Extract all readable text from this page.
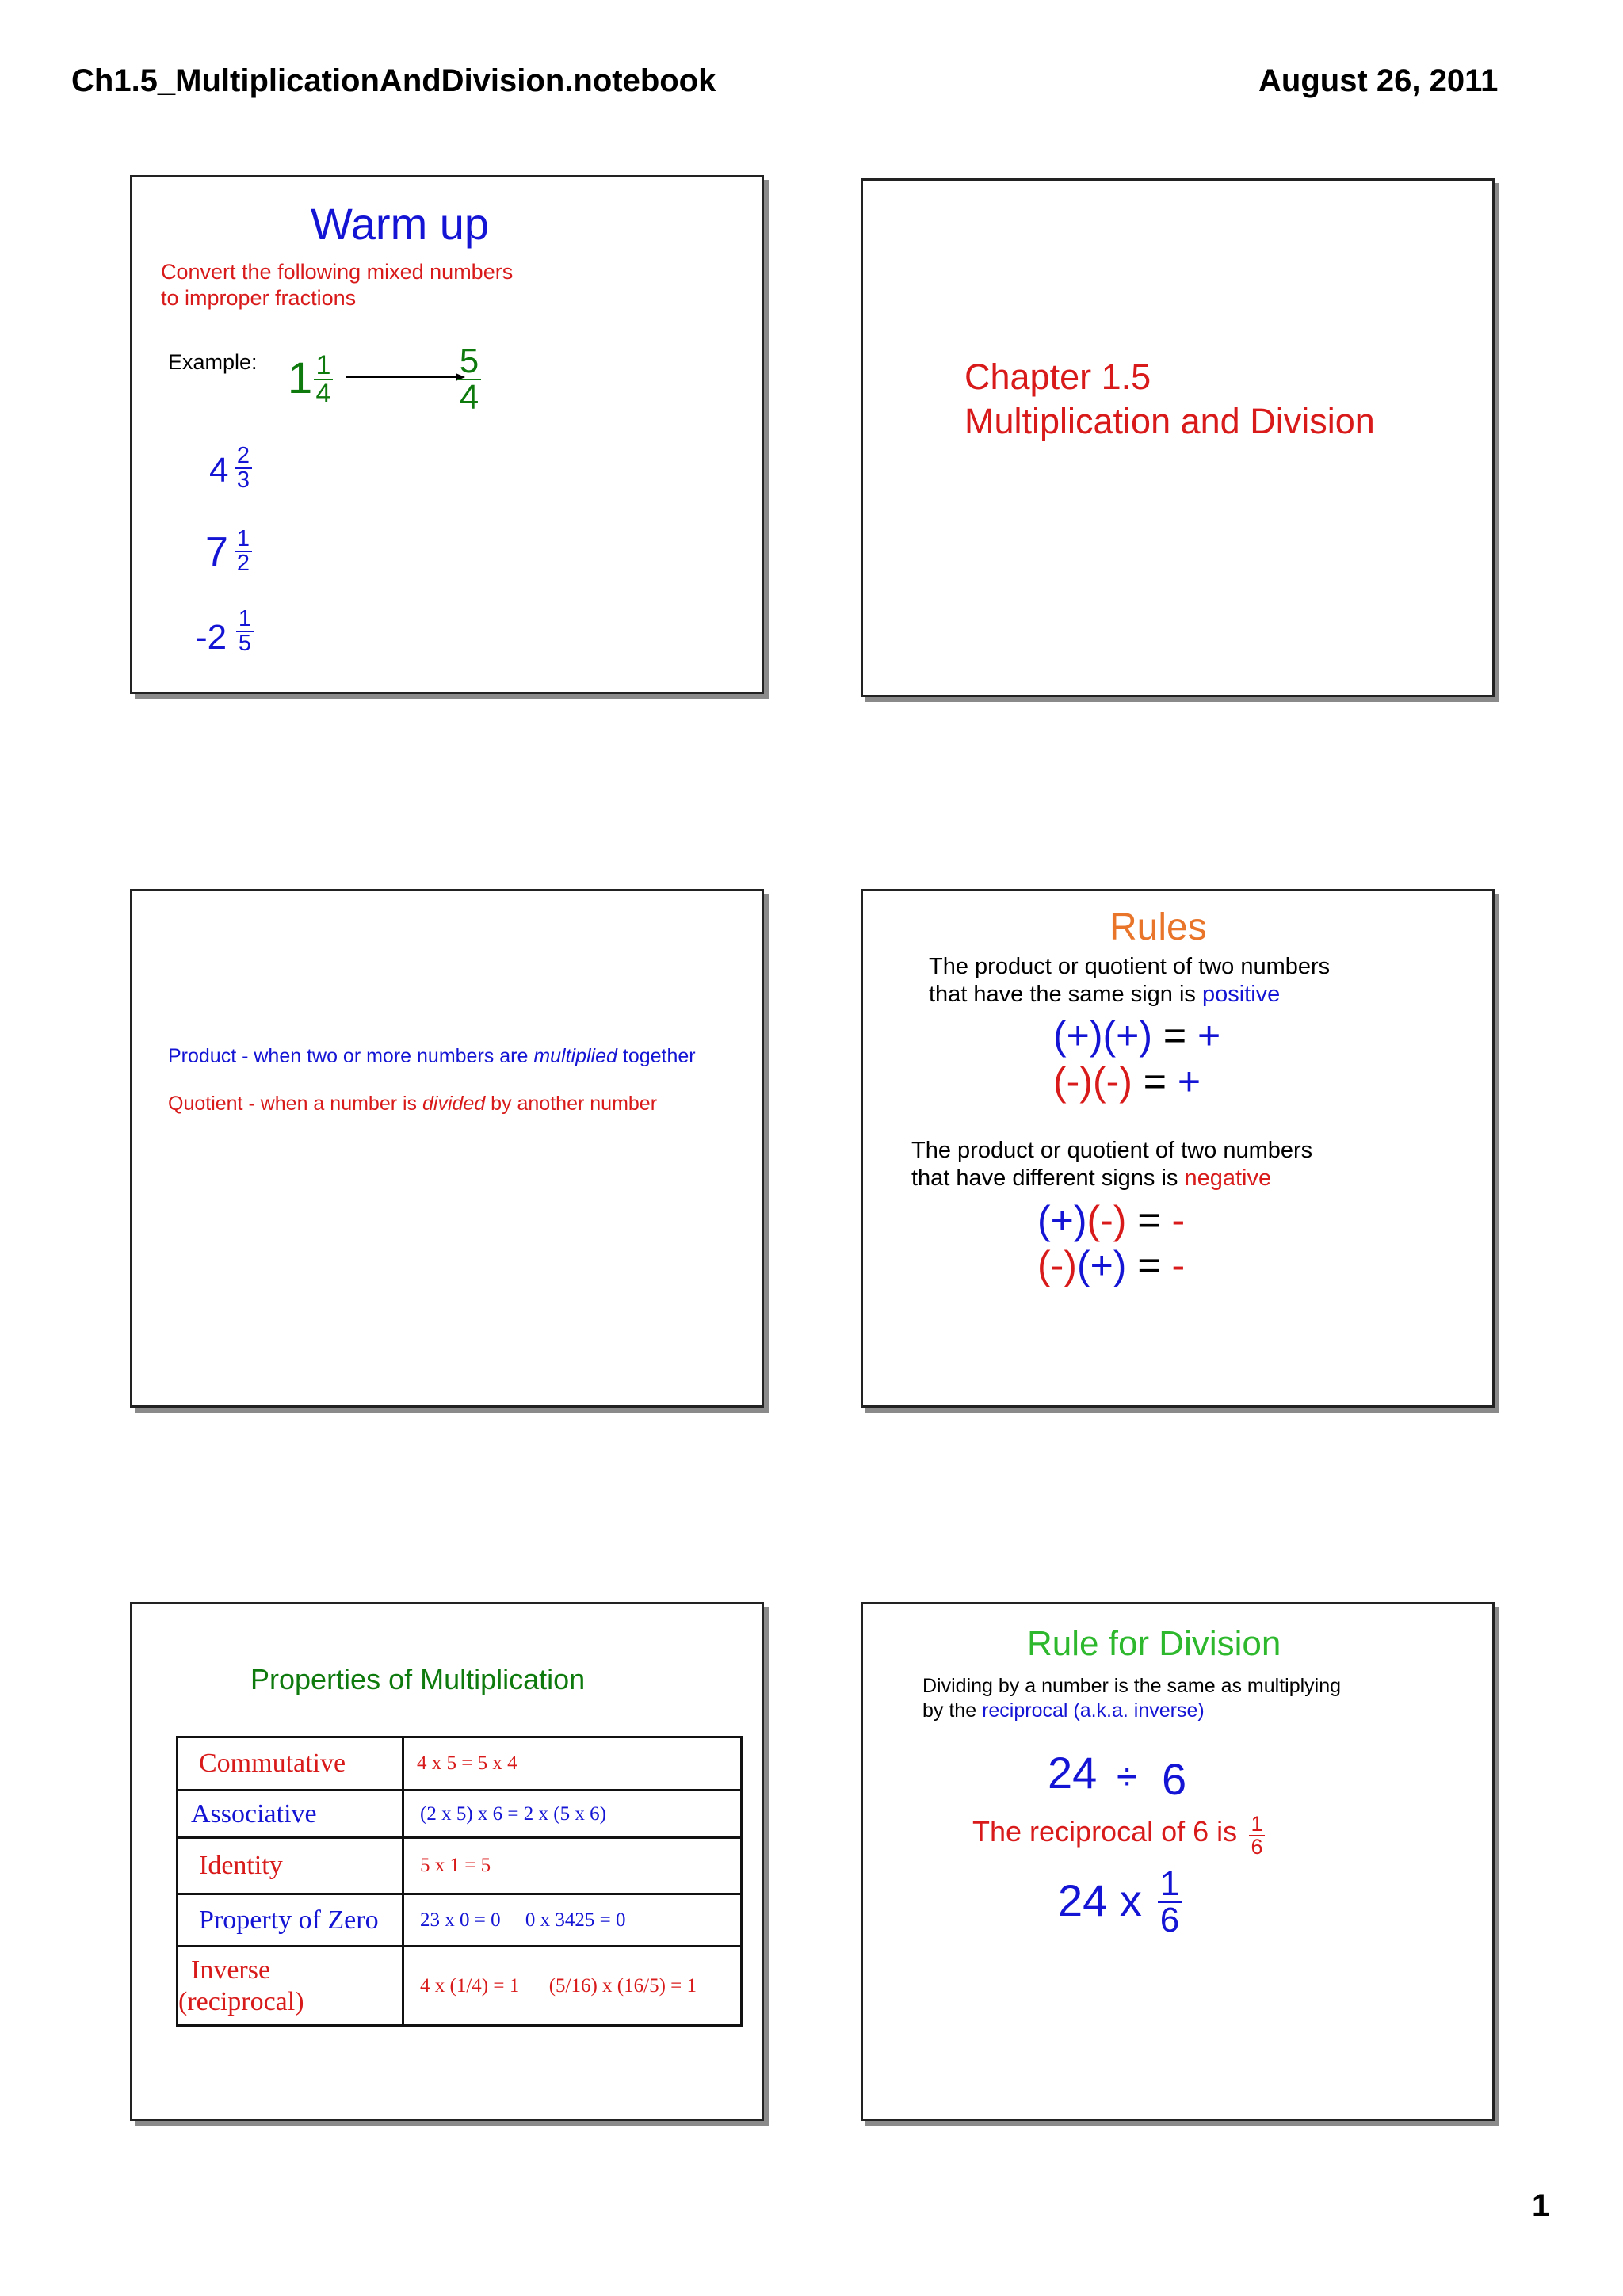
Ch1.5_MultiplicationAndDivision.notebook	August 26, 2011
Warm up
Convert the following mixed numbers
to improper fractions
Example: 1 1
4
5
4
4 2
3
7 1
2
-2 1
5
Chapter 1.5
Multiplication and Division
Product - when two or more numbers are multiplied together
Quotient - when a number is divided by another number
Rules
The product or quotient of two numbers
that have the same sign is positive
(+)(+) = +
(-)(-) = +
The product or quotient of two numbers
that have different signs is negative
(+)(-) = -
(-)(+) = -
Properties of Multiplication
Commutative	4 x 5 = 5 x 4
Associative	(2 x 5) x 6 = 2 x (5 x 6)
Identity	5 x 1 = 5
Property of Zero	23 x 0 = 0     0 x 3425 = 0

Inverse
(reciprocal)	4 x (1/4) = 1      (5/16) x (16/5) = 1
Rule for Division
Dividing by a number is the same as multiplying
by the reciprocal (a.k.a. inverse)
24 ÷ 6
The reciprocal of 6 is 1
6
24 x 1
6
1
